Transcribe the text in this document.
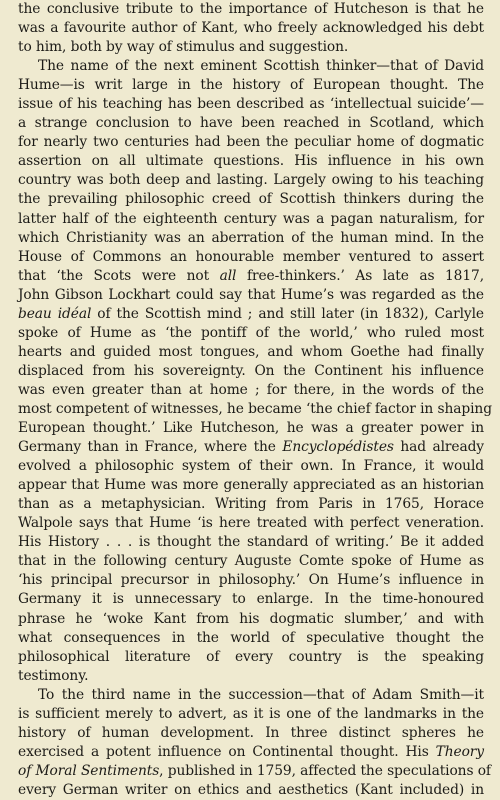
the conclusive tribute to the importance of Hutcheson is that he
was a favourite author of Kant, who freely acknowledged his debt
to him, both by way of stimulus and suggestion.
The name of the next eminent Scottish thinker—that of David
Hume—is writ large in the history of European thought. The
issue of his teaching has been described as ‘intellectual suicide’—
a strange conclusion to have been reached in Scotland, which
for nearly two centuries had been the peculiar home of dogmatic
assertion on all ultimate questions. His influence in his own
country was both deep and lasting. Largely owing to his teaching
the prevailing philosophic creed of Scottish thinkers during the
latter half of the eighteenth century was a pagan naturalism, for
which Christianity was an aberration of the human mind. In the
House of Commons an honourable member ventured to assert
that ‘the Scots were not all free-thinkers.’ As late as 1817,
John Gibson Lockhart could say that Hume’s was regarded as the
beau idéal of the Scottish mind ; and still later (in 1832), Carlyle
spoke of Hume as ‘the pontiff of the world,’ who ruled most
hearts and guided most tongues, and whom Goethe had finally
displaced from his sovereignty. On the Continent his influence
was even greater than at home ; for there, in the words of the
most competent of witnesses, he became ‘the chief factor in shaping
European thought.’ Like Hutcheson, he was a greater power in
Germany than in France, where the Encyclopédistes had already
evolved a philosophic system of their own. In France, it would
appear that Hume was more generally appreciated as an historian
than as a metaphysician. Writing from Paris in 1765, Horace
Walpole says that Hume ‘is here treated with perfect veneration.
His History . . . is thought the standard of writing.’ Be it added
that in the following century Auguste Comte spoke of Hume as
‘his principal precursor in philosophy.’ On Hume’s influence in
Germany it is unnecessary to enlarge. In the time-honoured
phrase he ‘woke Kant from his dogmatic slumber,’ and with
what consequences in the world of speculative thought the
philosophical literature of every country is the speaking
testimony.
To the third name in the succession—that of Adam Smith—it
is sufficient merely to advert, as it is one of the landmarks in the
history of human development. In three distinct spheres he
exercised a potent influence on Continental thought. His Theory
of Moral Sentiments, published in 1759, affected the speculations of
every German writer on ethics and aesthetics (Kant included) in
